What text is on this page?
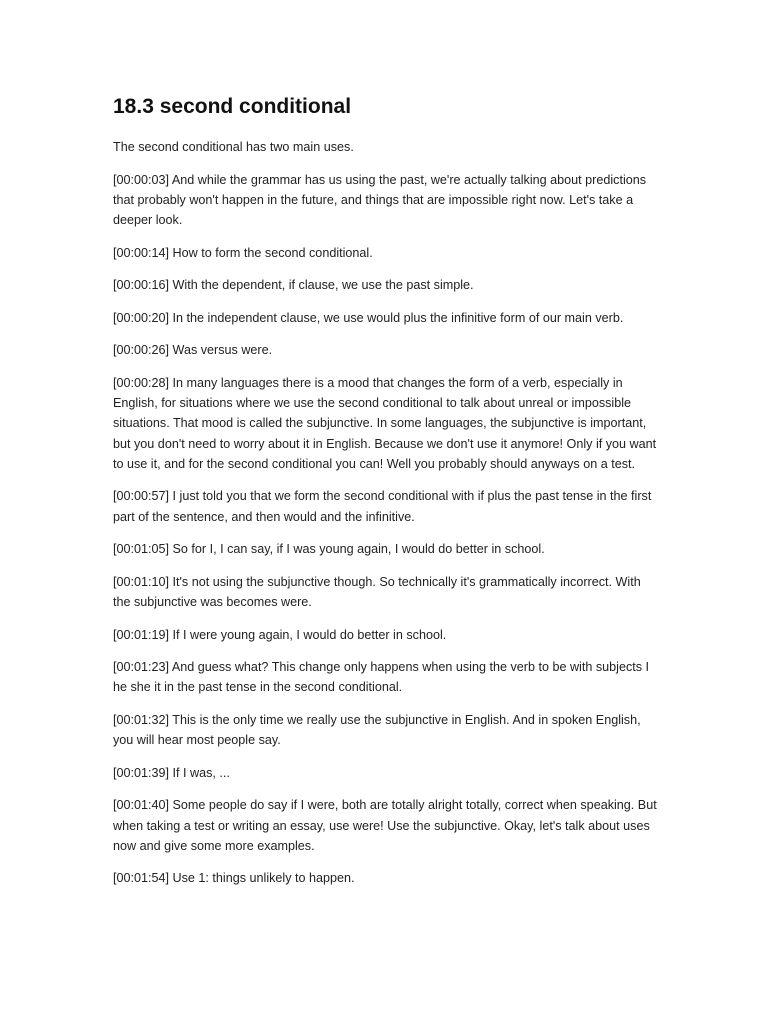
18.3 second conditional

The second conditional has two main uses.

[00:00:03] And while the grammar has us using the past, we're actually talking about predictions that probably won't happen in the future, and things that are impossible right now. Let's take a deeper look.

[00:00:14] How to form the second conditional.

[00:00:16] With the dependent, if clause, we use the past simple.

[00:00:20] In the independent clause, we use would plus the infinitive form of our main verb.

[00:00:26] Was versus were.

[00:00:28] In many languages there is a mood that changes the form of a verb, especially in English, for situations where we use the second conditional to talk about unreal or impossible situations. That mood is called the subjunctive. In some languages, the subjunctive is important, but you don't need to worry about it in English. Because we don't use it anymore! Only if you want to use it, and for the second conditional you can! Well you probably should anyways on a test.

[00:00:57] I just told you that we form the second conditional with if plus the past tense in the first part of the sentence, and then would and the infinitive.

[00:01:05] So for I, I can say, if I was young again, I would do better in school.

[00:01:10] It's not using the subjunctive though. So technically it's grammatically incorrect. With the subjunctive was becomes were.

[00:01:19] If I were young again, I would do better in school.

[00:01:23] And guess what? This change only happens when using the verb to be with subjects I he she it in the past tense in the second conditional.

[00:01:32] This is the only time we really use the subjunctive in English. And in spoken English, you will hear most people say.

[00:01:39] If I was, ...

[00:01:40] Some people do say if I were, both are totally alright totally, correct when speaking. But when taking a test or writing an essay, use were! Use the subjunctive. Okay, let's talk about uses now and give some more examples.

[00:01:54] Use 1: things unlikely to happen.
